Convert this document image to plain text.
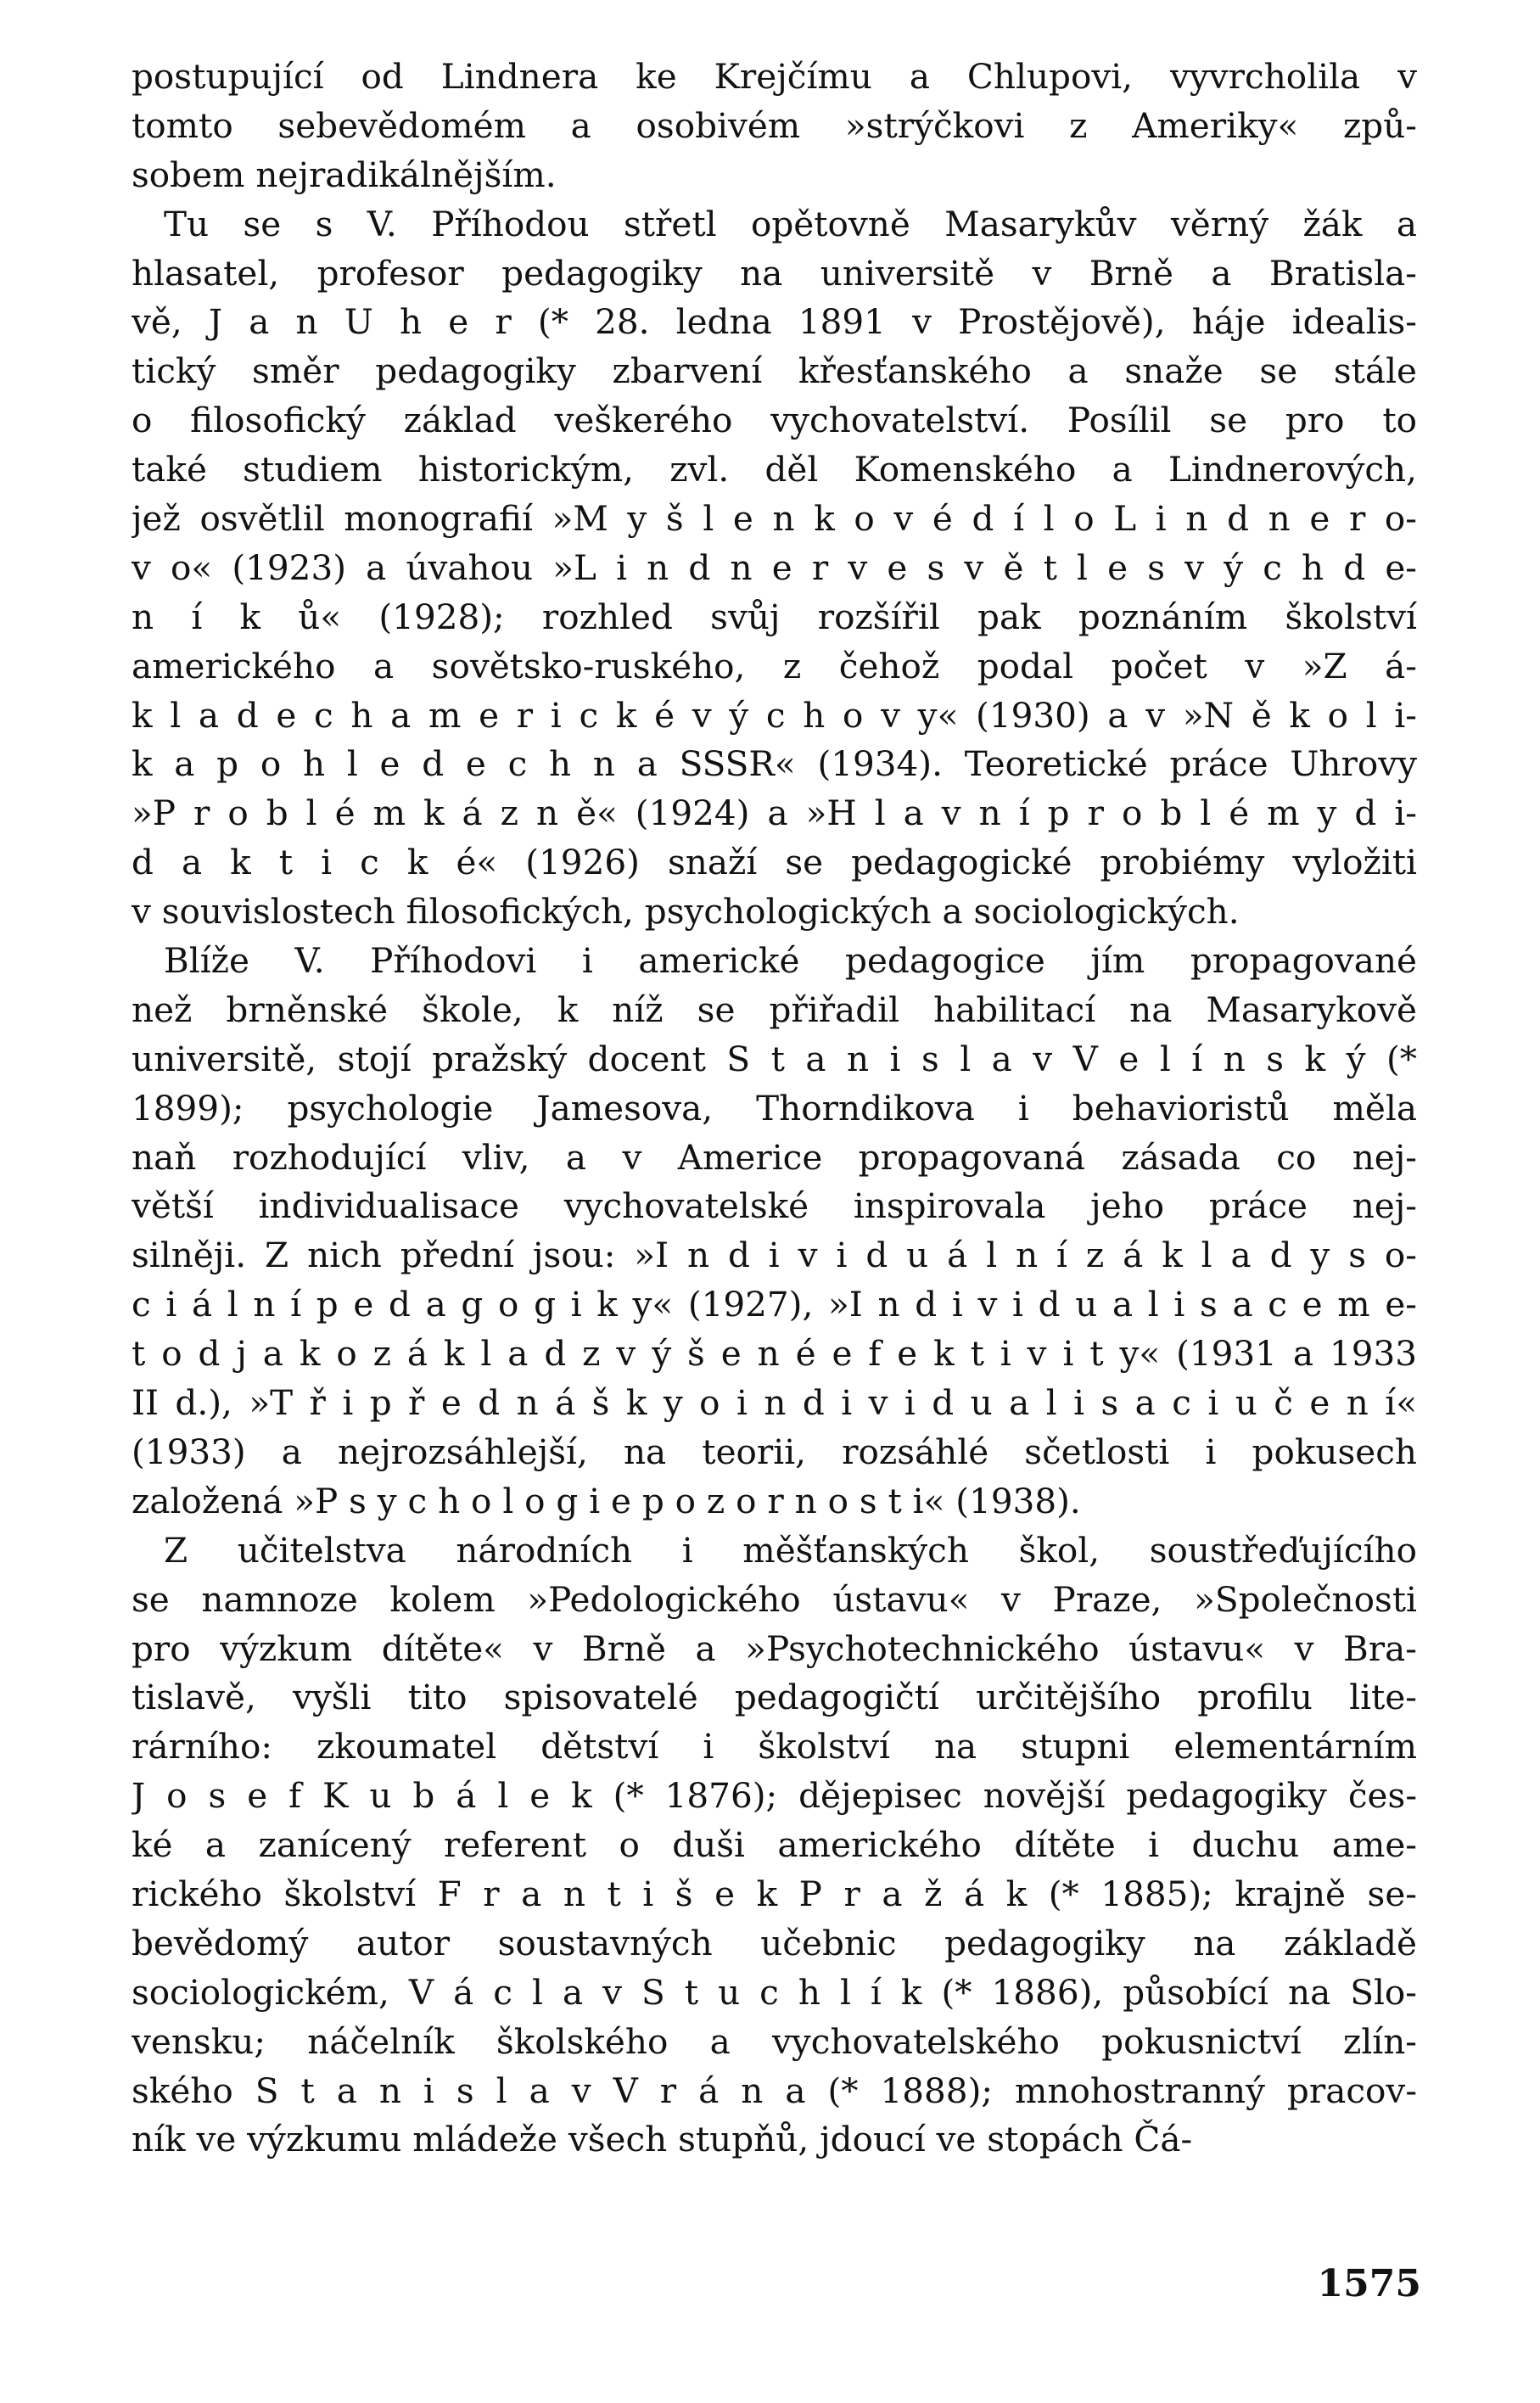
postupující od Lindnera ke Krejčímu a Chlupovi, vyvrcholila v
tomto sebevědomém a osobivém »strýčkovi z Ameriky« způ-
sobem nejradikálnějším.
Tu se s V. Příhodou střetl opětovně Masarykův věrný žák a
hlasatel, profesor pedagogiky na universitě v Brně a Bratisla-
vě, J a n U h e r (* 28. ledna 1891 v Prostějově), háje idealis-
tický směr pedagogiky zbarvení křesťanského a snaže se stále
o filosofický základ veškerého vychovatelství. Posílil se pro to
také studiem historickým, zvl. děl Komenského a Lindnerových,
jež osvětlil monografií »M y š l e n k o v é d í l o L i n d n e r o-
v o« (1923) a úvahou »L i n d n e r v e s v ě t l e s v ý c h d e-
n í k ů« (1928); rozhled svůj rozšířil pak poznáním školství
amerického a sovětsko-ruského, z čehož podal počet v »Z á-
k l a d e c h a m e r i c k é v ý c h o v y« (1930) a v »N ě k o l i-
k a p o h l e d e c h n a SSSR« (1934). Teoretické práce Uhrovy
»P r o b l é m k á z n ě« (1924) a »H l a v n í p r o b l é m y d i-
d a k t i c k é« (1926) snaží se pedagogické probiémy vyložiti
v souvislostech filosofických, psychologických a sociologických.
Blíže V. Příhodovi i americké pedagogice jím propagované
než brněnské škole, k níž se přiřadil habilitací na Masarykově
universitě, stojí pražský docent S t a n i s l a v V e l í n s k ý (*
1899); psychologie Jamesova, Thorndikova i behavioristů měla
naň rozhodující vliv, a v Americe propagovaná zásada co nej-
větší individualisace vychovatelské inspirovala jeho práce nej-
silněji. Z nich přední jsou: »I n d i v i d u á l n í z á k l a d y s o-
c i á l n í p e d a g o g i k y« (1927), »I n d i v i d u a l i s a c e m e-
t o d j a k o z á k l a d z v ý š e n é e f e k t i v i t y« (1931 a 1933
II d.), »T ř i p ř e d n á š k y o i n d i v i d u a l i s a c i u č e n í«
(1933) a nejrozsáhlejší, na teorii, rozsáhlé sčetlosti i pokusech
založená »P s y c h o l o g i e p o z o r n o s t i« (1938).
Z učitelstva národních i měšťanských škol, soustřeďujícího
se namnoze kolem »Pedologického ústavu« v Praze, »Společnosti
pro výzkum dítěte« v Brně a »Psychotechnického ústavu« v Bra-
tislavě, vyšli tito spisovatelé pedagogičtí určitějšího profilu lite-
rárního: zkoumatel dětství i školství na stupni elementárním
J o s e f K u b á l e k (* 1876); dějepisec novější pedagogiky čes-
ké a zanícený referent o duši amerického dítěte i duchu ame-
rického školství F r a n t i š e k P r a ž á k (* 1885); krajně se-
bevědomý autor soustavných učebnic pedagogiky na základě
sociologickém, V á c l a v S t u c h l í k (* 1886), působící na Slo-
vensku; náčelník školského a vychovatelského pokusnictví zlín-
ského S t a n i s l a v V r á n a (* 1888); mnohostranný pracov-
ník ve výzkumu mládeže všech stupňů, jdoucí ve stopách Čá-
1575
